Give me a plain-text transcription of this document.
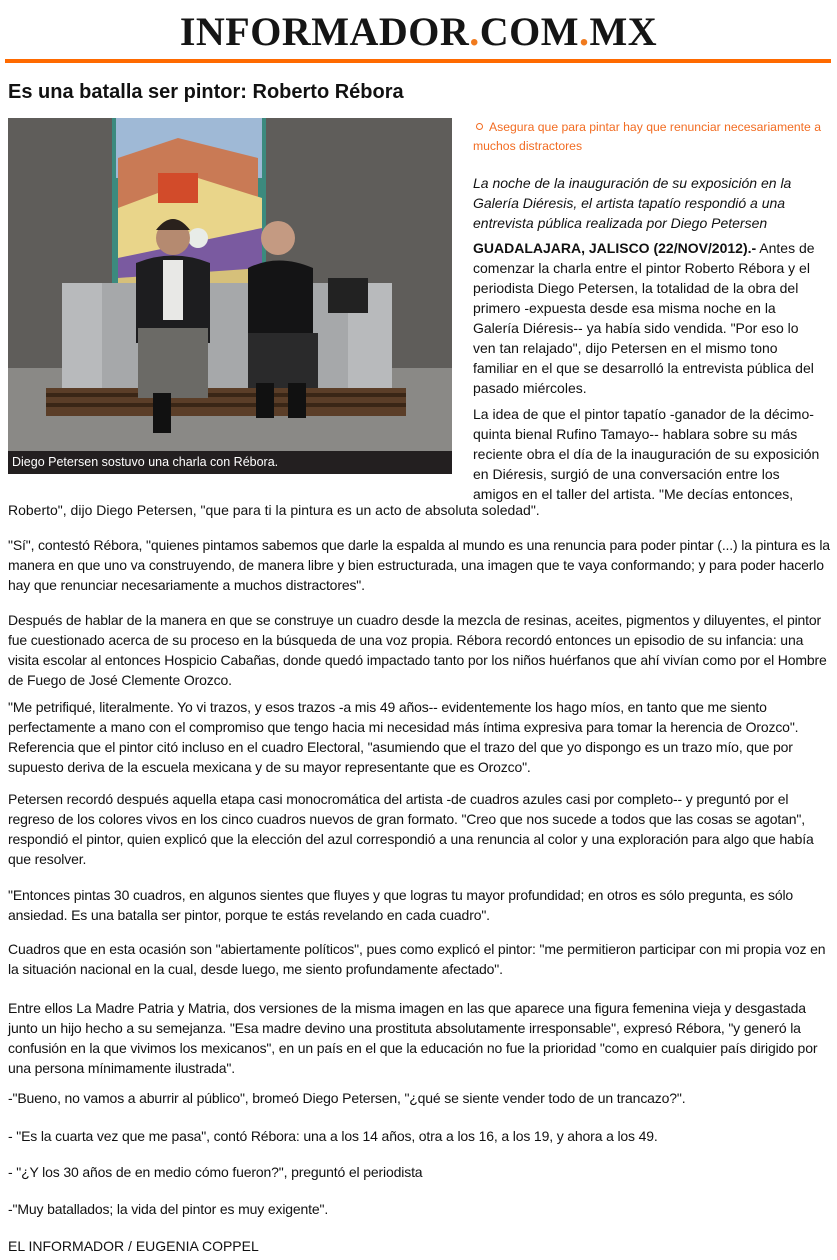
INFORMADOR.COM.MX
Es una batalla ser pintor: Roberto Rébora
Diego Petersen sostuvo una charla con Rébora.

Asegura que para pintar hay que renunciar necesariamente a muchos distractores

La noche de la inauguración de su exposición en la Galería Diéresis, el artista tapatío respondió a una entrevista pública realizada por Diego Petersen

GUADALAJARA, JALISCO (22/NOV/2012).- Antes de
comenzar la charla entre el pintor Roberto Rébora y el
periodista Diego Petersen, la totalidad de la obra del
primero -expuesta desde esa misma noche en la
Galería Diéresis-- ya había sido vendida. "Por eso lo
ven tan relajado", dijo Petersen en el mismo tono
familiar en el que se desarrolló la entrevista pública del
pasado miércoles.
La idea de que el pintor tapatío -ganador de la décimo-
quinta bienal Rufino Tamayo-- hablara sobre su más
reciente obra el día de la inauguración de su exposición
en Diéresis, surgió de una conversación entre los
amigos en el taller del artista. "Me decías entonces,
Roberto", dijo Diego Petersen, "que para ti la pintura es un acto de absoluta soledad".
"Sí", contestó Rébora, "quienes pintamos sabemos que darle la espalda al mundo es una renuncia para poder pintar (...) la pintura es la manera en que uno va construyendo, de manera libre y bien estructurada, una imagen que te vaya conformando; y para poder hacerlo hay que renunciar necesariamente a muchos distractores".
Después de hablar de la manera en que se construye un cuadro desde la mezcla de resinas, aceites, pigmentos y diluyentes, el pintor fue cuestionado acerca de su proceso en la búsqueda de una voz propia. Rébora recordó entonces un episodio de su infancia: una visita escolar al entonces Hospicio Cabañas, donde quedó impactado tanto por los niños huérfanos que ahí vivían como por el Hombre de Fuego de José Clemente Orozco.
"Me petrifiqué, literalmente. Yo vi trazos, y esos trazos -a mis 49 años-- evidentemente los hago míos, en tanto que me siento perfectamente a mano con el compromiso que tengo hacia mi necesidad más íntima expresiva para tomar la herencia de Orozco". Referencia que el pintor citó incluso en el cuadro Electoral, "asumiendo que el trazo del que yo dispongo es un trazo mío, que por supuesto deriva de la escuela mexicana y de su mayor representante que es Orozco".
Petersen recordó después aquella etapa casi monocromática del artista -de cuadros azules casi por completo-- y preguntó por el regreso de los colores vivos en los cinco cuadros nuevos de gran formato. "Creo que nos sucede a todos que las cosas se agotan", respondió el pintor, quien explicó que la elección del azul correspondió a una renuncia al color y una exploración para algo que había que resolver.
"Entonces pintas 30 cuadros, en algunos sientes que fluyes y que logras tu mayor profundidad; en otros es sólo pregunta, es sólo ansiedad. Es una batalla ser pintor, porque te estás revelando en cada cuadro".
Cuadros que en esta ocasión son "abiertamente políticos", pues como explicó el pintor: "me permitieron participar con mi propia voz en la situación nacional en la cual, desde luego, me siento profundamente afectado".
Entre ellos La Madre Patria y Matria, dos versiones de la misma imagen en las que aparece una figura femenina vieja y desgastada junto un hijo hecho a su semejanza. "Esa madre devino una prostituta absolutamente irresponsable", expresó Rébora, "y generó la confusión en la que vivimos los mexicanos", en un país en el que la educación no fue la prioridad "como en cualquier país dirigido por una persona mínimamente ilustrada".
-"Bueno, no vamos a aburrir al público", bromeó Diego Petersen, "¿qué se siente vender todo de un trancazo?".
- "Es la cuarta vez que me pasa", contó Rébora: una a los 14 años, otra a los 16, a los 19, y ahora a los 49.
- "¿Y los 30 años de en medio cómo fueron?", preguntó el periodista
-"Muy batallados; la vida del pintor es muy exigente".
EL INFORMADOR / EUGENIA COPPEL
